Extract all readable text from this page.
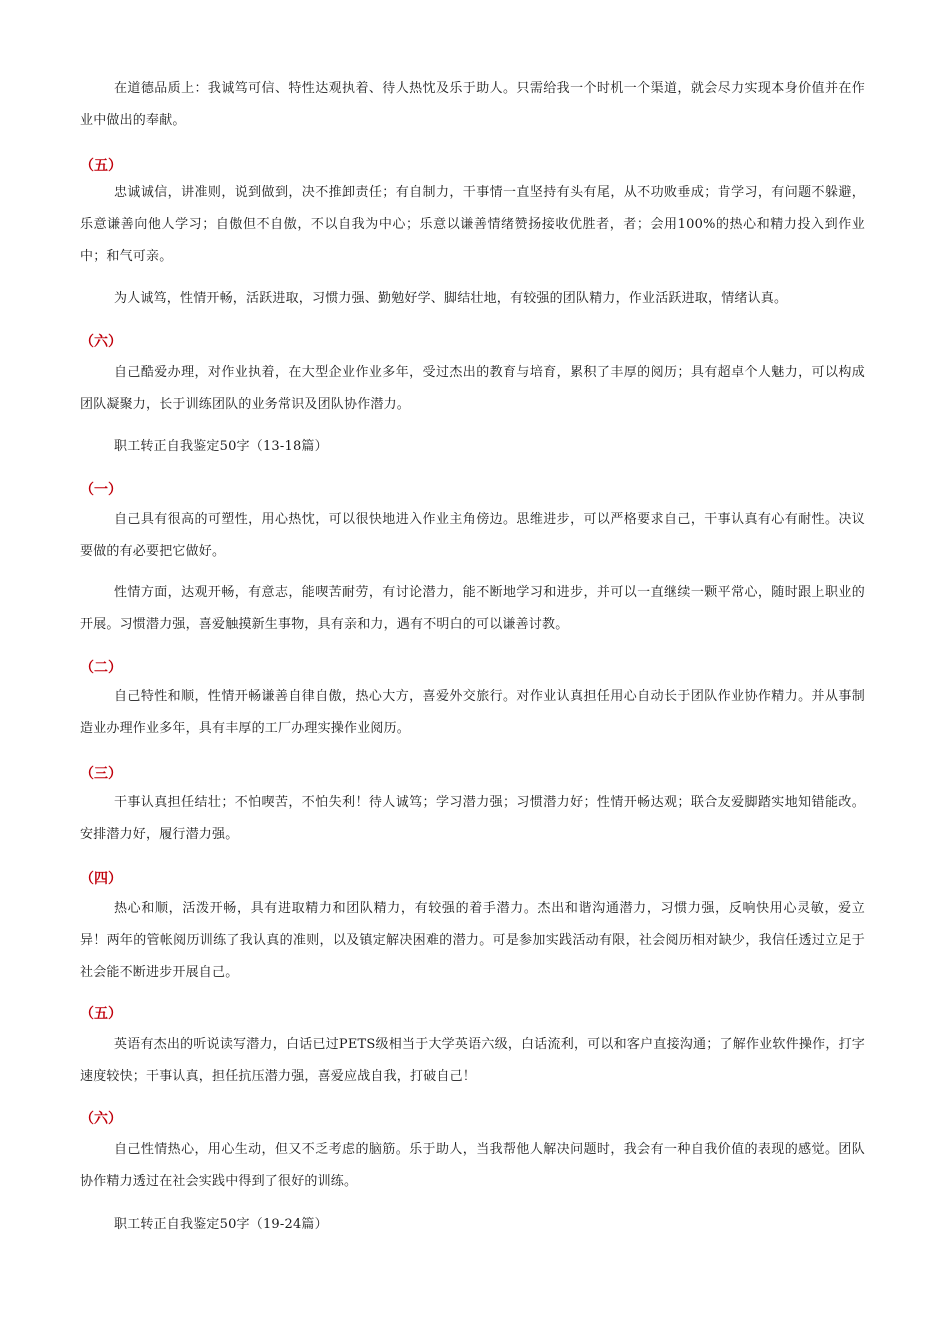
在道德品质上：我诚笃可信、特性达观执着、待人热忱及乐于助人。只需给我一个时机一个渠道，就会尽力实现本身价值并在作业中做出的奉献。

（五）

忠诚诚信，讲准则，说到做到，决不推卸责任；有自制力，干事情一直坚持有头有尾，从不功败垂成；肯学习，有问题不躲避，乐意谦善向他人学习；自傲但不自傲，不以自我为中心；乐意以谦善情绪赞扬接收优胜者，者；会用100%的热心和精力投入到作业中；和气可亲。

为人诚笃，性情开畅，活跃进取，习惯力强、勤勉好学、脚结壮地，有较强的团队精力，作业活跃进取，情绪认真。

（六）

自己酷爱办理，对作业执着，在大型企业作业多年，受过杰出的教育与培育，累积了丰厚的阅历；具有超卓个人魅力，可以构成团队凝聚力，长于训练团队的业务常识及团队协作潜力。

职工转正自我鉴定50字（13-18篇）

（一）

自己具有很高的可塑性，用心热忱，可以很快地进入作业主角傍边。思维进步，可以严格要求自己，干事认真有心有耐性。决议要做的有必要把它做好。

性情方面，达观开畅，有意志，能喫苦耐劳，有讨论潜力，能不断地学习和进步，并可以一直继续一颗平常心，随时跟上职业的开展。习惯潜力强，喜爱触摸新生事物，具有亲和力，遇有不明白的可以谦善讨教。

（二）

自己特性和顺，性情开畅谦善自律自傲，热心大方，喜爱外交旅行。对作业认真担任用心自动长于团队作业协作精力。并从事制造业办理作业多年，具有丰厚的工厂办理实操作业阅历。

（三）

干事认真担任结壮；不怕喫苦，不怕失利！待人诚笃；学习潜力强；习惯潜力好；性情开畅达观；联合友爱脚踏实地知错能改。安排潜力好，履行潜力强。

（四）

热心和顺，活泼开畅，具有进取精力和团队精力，有较强的着手潜力。杰出和谐沟通潜力，习惯力强，反响快用心灵敏，爱立异！两年的管帐阅历训练了我认真的准则，以及镇定解决困难的潜力。可是参加实践活动有限，社会阅历相对缺少，我信任透过立足于社会能不断进步开展自己。

（五）

英语有杰出的听说读写潜力，白话已过PETS级相当于大学英语六级，白话流利，可以和客户直接沟通；了解作业软件操作，打字速度较快；干事认真，担任抗压潜力强，喜爱应战自我，打破自己！

（六）

自己性情热心，用心生动，但又不乏考虑的脑筋。乐于助人，当我帮他人解决问题时，我会有一种自我价值的表现的感觉。团队协作精力透过在社会实践中得到了很好的训练。

职工转正自我鉴定50字（19-24篇）
